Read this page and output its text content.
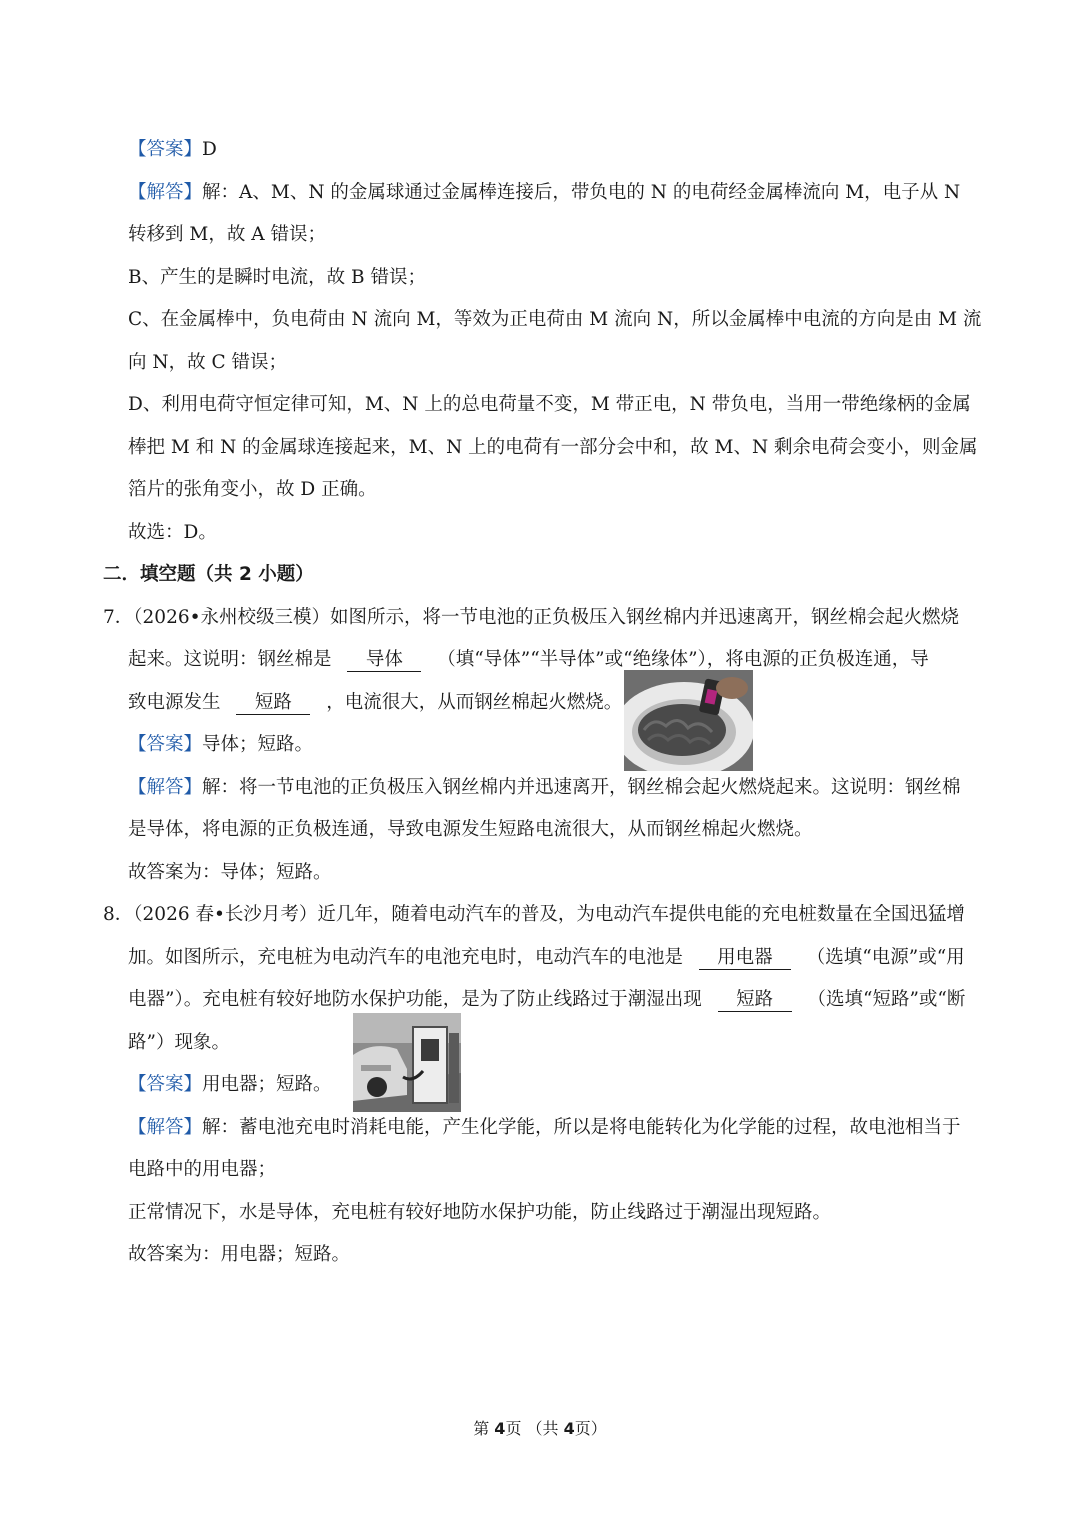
【答案】D
【解答】解：A、M、N 的金属球通过金属棒连接后，带负电的 N 的电荷经金属棒流向 M，电子从 N
转移到 M，故 A 错误；
B、产生的是瞬时电流，故 B 错误；
C、在金属棒中，负电荷由 N 流向 M，等效为正电荷由 M 流向 N，所以金属棒中电流的方向是由 M 流
向 N，故 C 错误；
D、利用电荷守恒定律可知，M、N 上的总电荷量不变，M 带正电，N 带负电，当用一带绝缘柄的金属
棒把 M 和 N 的金属球连接起来，M、N 上的电荷有一部分会中和，故 M、N 剩余电荷会变小，则金属
箔片的张角变小，故 D 正确。
故选：D。
二．填空题（共 2 小题）
7．（2026•永州校级三模）如图所示，将一节电池的正负极压入钢丝棉内并迅速离开，钢丝棉会起火燃烧
起来。这说明：钢丝棉是 导体 （填“导体”“半导体”或“绝缘体”），将电源的正负极连通，导
致电源发生 短路 ，电流很大，从而钢丝棉起火燃烧。
【答案】导体；短路。
【解答】解：将一节电池的正负极压入钢丝棉内并迅速离开，钢丝棉会起火燃烧起来。这说明：钢丝棉
是导体，将电源的正负极连通，导致电源发生短路电流很大，从而钢丝棉起火燃烧。
故答案为：导体；短路。
8．（2026 春•长沙月考）近几年，随着电动汽车的普及，为电动汽车提供电能的充电桩数量在全国迅猛增
加。如图所示，充电桩为电动汽车的电池充电时，电动汽车的电池是 用电器 （选填“电源”或“用
电器”）。充电桩有较好地防水保护功能，是为了防止线路过于潮湿出现 短路 （选填“短路”或“断
路”）现象。
【答案】用电器；短路。
【解答】解：蓄电池充电时消耗电能，产生化学能，所以是将电能转化为化学能的过程，故电池相当于
电路中的用电器；
正常情况下，水是导体，充电桩有较好地防水保护功能，防止线路过于潮湿出现短路。
故答案为：用电器；短路。
第 4页 （共 4页）
